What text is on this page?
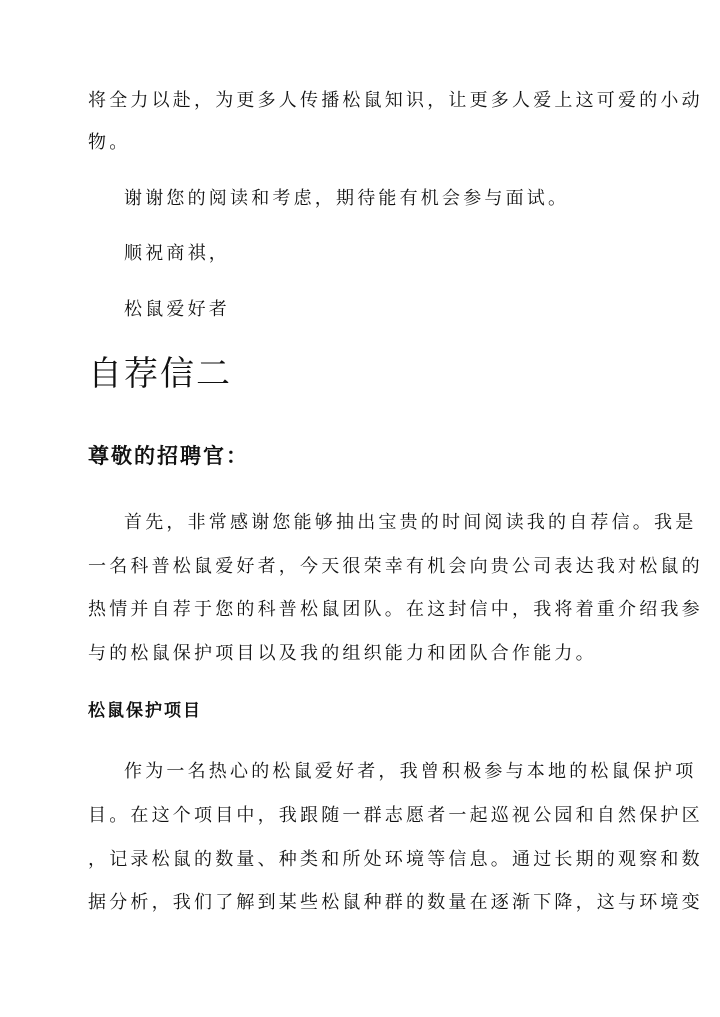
将全力以赴，为更多人传播松鼠知识，让更多人爱上这可爱的小动
物。
谢谢您的阅读和考虑，期待能有机会参与面试。
顺祝商祺，
松鼠爱好者
自荐信二
尊敬的招聘官：
首先，非常感谢您能够抽出宝贵的时间阅读我的自荐信。我是
一名科普松鼠爱好者，今天很荣幸有机会向贵公司表达我对松鼠的
热情并自荐于您的科普松鼠团队。在这封信中，我将着重介绍我参
与的松鼠保护项目以及我的组织能力和团队合作能力。
松鼠保护项目
作为一名热心的松鼠爱好者，我曾积极参与本地的松鼠保护项
目。在这个项目中，我跟随一群志愿者一起巡视公园和自然保护区
，记录松鼠的数量、种类和所处环境等信息。通过长期的观察和数
据分析，我们了解到某些松鼠种群的数量在逐渐下降，这与环境变
